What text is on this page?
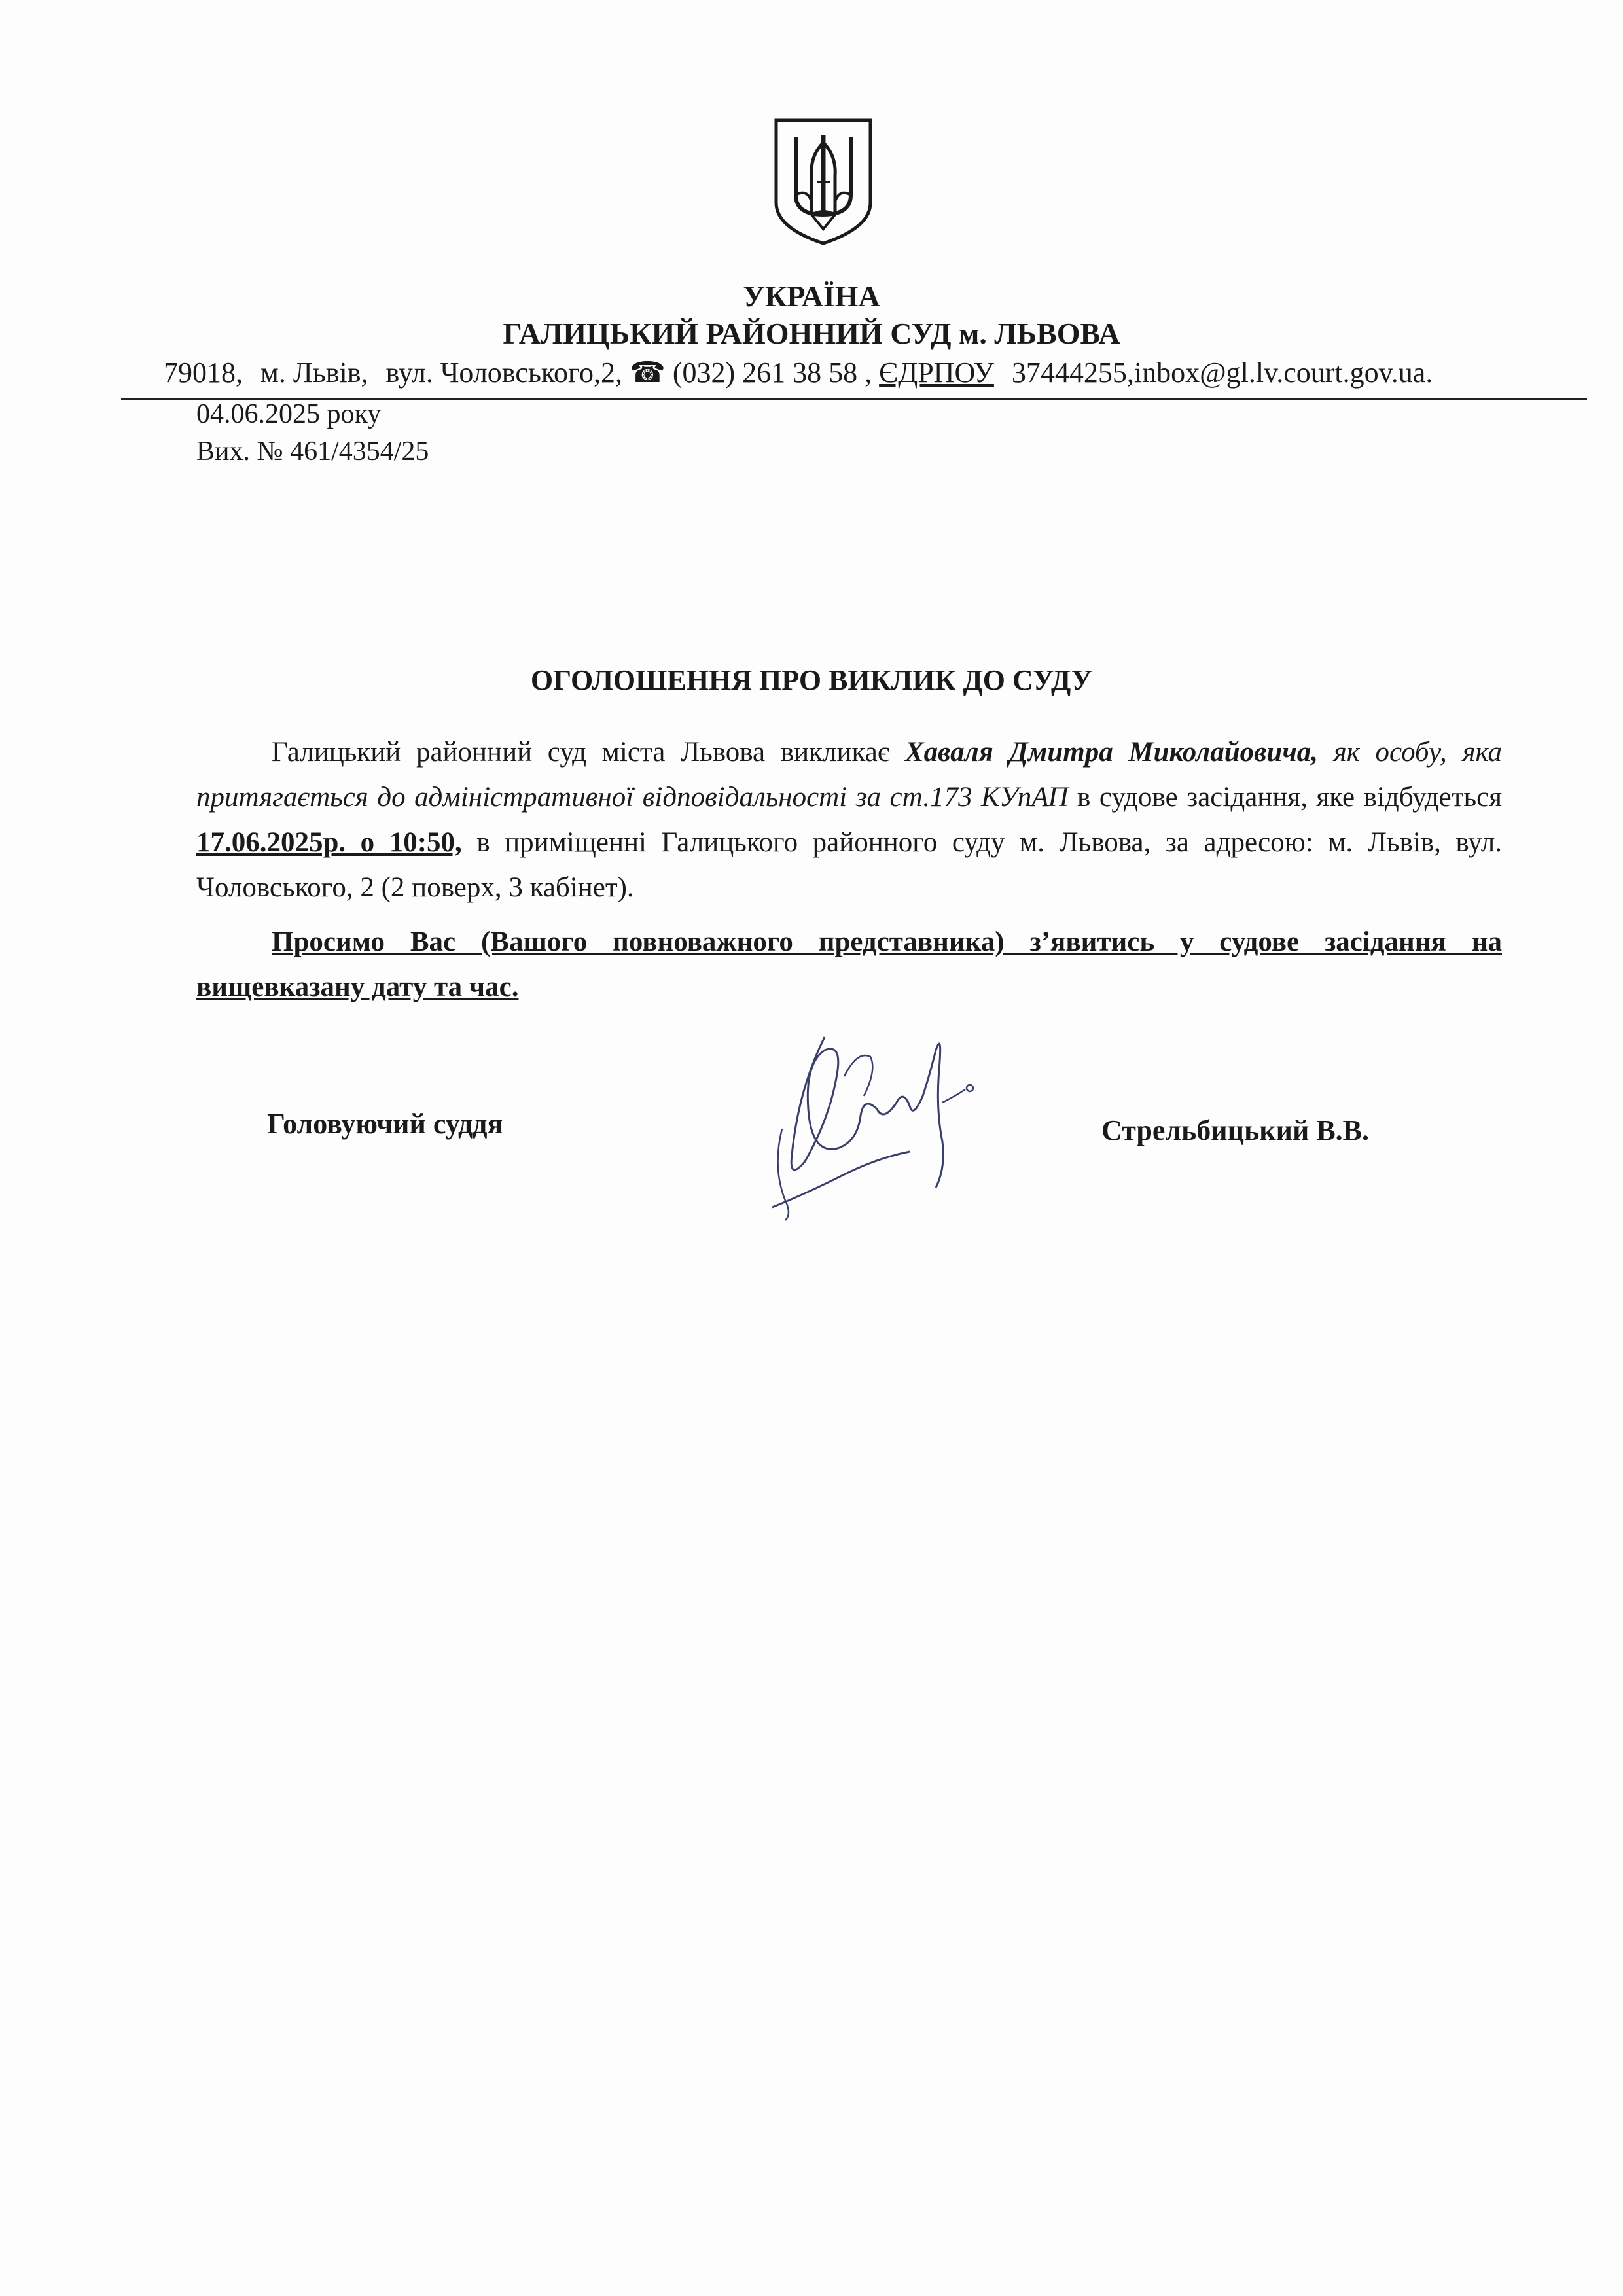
УКРАЇНА
ГАЛИЦЬКИЙ РАЙОННИЙ СУД м. ЛЬВОВА
79018, м. Львів, вул. Чоловського,2, ☎ (032) 261 38 58 , ЄДРПОУ 37444255,inbox@gl.lv.court.gov.ua.
04.06.2025 року
Вих. № 461/4354/25
ОГОЛОШЕННЯ ПРО ВИКЛИК ДО СУДУ
Галицький районний суд міста Львова викликає Хаваля Дмитра Миколайовича, як особу, яка притягається до адміністративної відповідальності за ст.173 КУпАП в судове засідання, яке відбудеться 17.06.2025р. о 10:50, в приміщенні Галицького районного суду м. Львова, за адресою: м. Львів, вул. Чоловського, 2 (2 поверх, 3 кабінет).
Просимо Вас (Вашого повноважного представника) з’явитись у судове засідання на вищевказану дату та час.
Головуючий суддя	Стрельбицький В.В.
